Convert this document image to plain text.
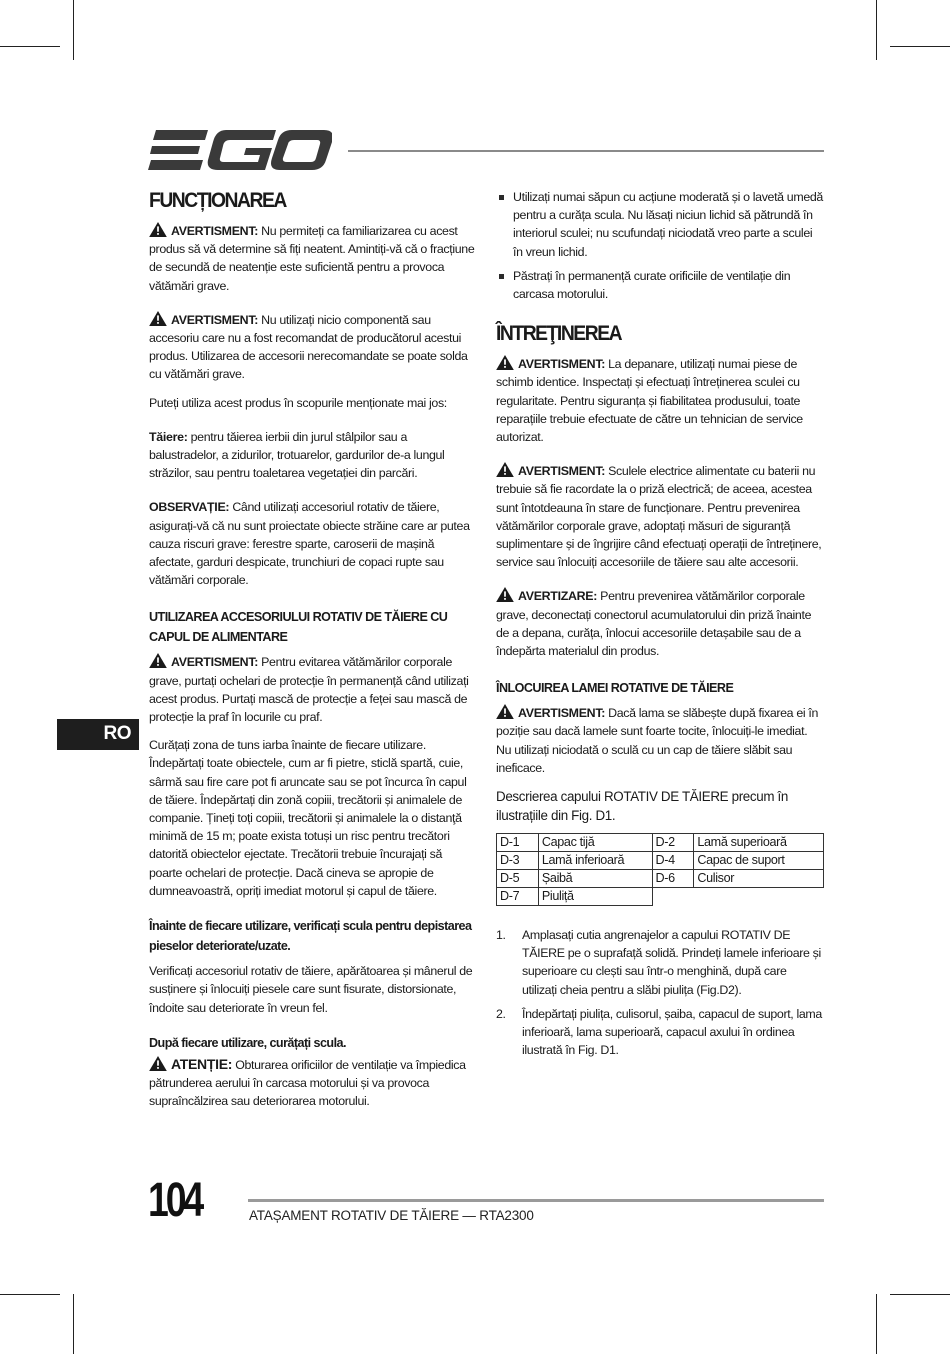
RO
FUNCȚIONAREA

AVERTISMENT: Nu permiteți ca familiarizarea cu acest produs să vă determine să fiți neatent. Amintiți-vă că o fracțiune de secundă de neatenție este suficientă pentru a provoca vătămări grave.

AVERTISMENT: Nu utilizați nicio componentă sau accesoriu care nu a fost recomandat de producătorul acestui produs. Utilizarea de accesorii nerecomandate se poate solda cu vătămări grave.

Puteți utiliza acest produs în scopurile menționate mai jos:

Tăiere: pentru tăierea ierbii din jurul stâlpilor sau a balustradelor, a zidurilor, trotuarelor, gardurilor de-a lungul străzilor, sau pentru toaletarea vegetației din parcări.

OBSERVAȚIE: Când utilizați accesoriul rotativ de tăiere, asigurați-vă că nu sunt proiectate obiecte străine care ar putea cauza riscuri grave: ferestre sparte, caroserii de mașină afectate, garduri despicate, trunchiuri de copaci rupte sau vătămări corporale.

UTILIZAREA ACCESORIULUI ROTATIV DE TĂIERE CU CAPUL DE ALIMENTARE

AVERTISMENT: Pentru evitarea vătămărilor corporale grave, purtați ochelari de protecție în permanență când utilizați acest produs. Purtați mască de protecție a feței sau mască de protecție la praf în locurile cu praf.

Curățați zona de tuns iarba înainte de fiecare utilizare. Îndepărtați toate obiectele, cum ar fi pietre, sticlă spartă, cuie, sârmă sau fire care pot fi aruncate sau se pot încurca în capul de tăiere. Îndepărtați din zonă copiii, trecătorii și animalele de companie. Țineți toți copiii, trecătorii și animalele la o distanţă minimă de 15 m; poate exista totuși un risc pentru trecători datorită obiectelor ejectate. Trecătorii trebuie încurajați să poarte ochelari de protecție. Dacă cineva se apropie de dumneavoastră, opriți imediat motorul și capul de tăiere.

Înainte de fiecare utilizare, verificați scula pentru depistarea pieselor deteriorate/uzate.

Verificați accesoriul rotativ de tăiere, apărătoarea și mânerul de susținere și înlocuiți piesele care sunt fisurate, distorsionate, îndoite sau deteriorate în vreun fel.

După fiecare utilizare, curățați scula.

ATENȚIE: Obturarea orificiilor de ventilație va împiedica pătrunderea aerului în carcasa motorului și va provoca supraîncălzirea sau deteriorarea motorului.

Utilizați numai săpun cu acțiune moderată și o lavetă umedă pentru a curăța scula. Nu lăsați niciun lichid să pătrundă în interiorul sculei; nu scufundați niciodată vreo parte a sculei în vreun lichid.
Păstrați în permanență curate orificiile de ventilație din carcasa motorului.
ÎNTREŢINEREA

AVERTISMENT: La depanare, utilizați numai piese de schimb identice. Inspectați și efectuați întreținerea sculei cu regularitate. Pentru siguranța și fiabilitatea produsului, toate reparațiile trebuie efectuate de către un tehnician de service autorizat.

AVERTISMENT: Sculele electrice alimentate cu baterii nu trebuie să fie racordate la o priză electrică; de aceea, acestea sunt întotdeauna în stare de funcționare. Pentru prevenirea vătămărilor corporale grave, adoptați măsuri de siguranță suplimentare și de îngrijire când efectuați operații de întreținere, service sau înlocuiți accesoriile de tăiere sau alte accesorii.

AVERTIZARE: Pentru prevenirea vătămărilor corporale grave, deconectați conectorul acumulatorului din priză înainte de a depana, curăța, înlocui accesoriile detașabile sau de a îndepărta materialul din produs.

ÎNLOCUIREA LAMEI ROTATIVE DE TĂIERE

AVERTISMENT: Dacă lama se slăbește după fixarea ei în poziție sau dacă lamele sunt foarte tocite, înlocuiți-le imediat. Nu utilizați niciodată o sculă cu un cap de tăiere slăbit sau ineficace.

Descrierea capului ROTATIV DE TĂIERE precum în ilustrațiile din Fig. D1.
D-1	Capac tijă	D-2	Lamă superioară
D-3	Lamă inferioară	D-4	Capac de suport
D-5	Șaibă	D-6	Culisor
D-7	Piuliță		
1. Amplasați cutia angrenajelor a capului ROTATIV DE TĂIERE pe o suprafață solidă. Prindeți lamele inferioare și superioare cu clești sau într-o menghină, după care utilizați cheia pentru a slăbi piulița (Fig.D2).
2. Îndepărtați piulița, culisorul, șaiba, capacul de suport, lama inferioară, lama superioară, capacul axului în ordinea ilustrată în Fig. D1.
104	ATAȘAMENT ROTATIV DE TĂIERE — RTA2300
